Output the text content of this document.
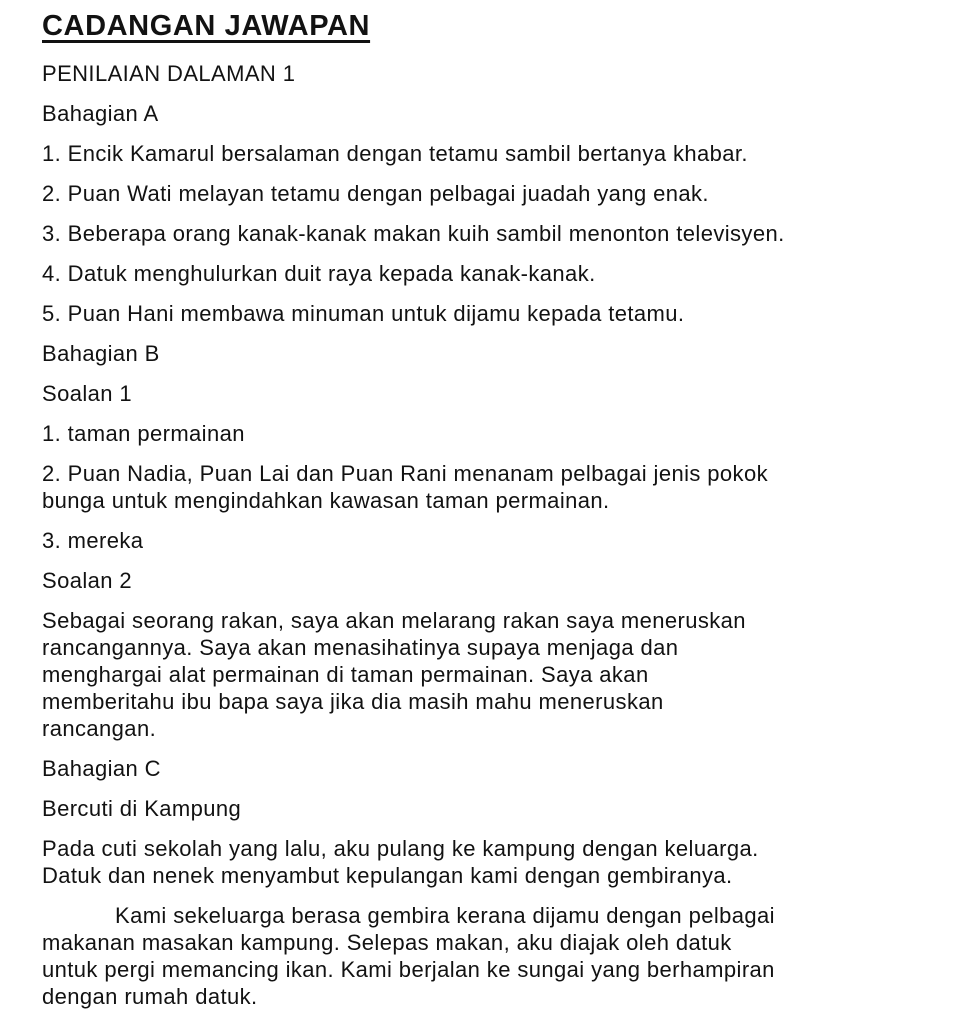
CADANGAN JAWAPAN

PENILAIAN DALAMAN 1

Bahagian A

1. Encik Kamarul bersalaman dengan tetamu sambil bertanya khabar.

2. Puan Wati melayan tetamu dengan pelbagai juadah yang enak.

3. Beberapa orang kanak-kanak makan kuih sambil menonton televisyen.

4. Datuk menghulurkan duit raya kepada kanak-kanak.

5. Puan Hani membawa minuman untuk dijamu kepada tetamu.

Bahagian B

Soalan 1

1. taman permainan

2. Puan Nadia, Puan Lai dan Puan Rani menanam pelbagai jenis pokok
bunga untuk mengindahkan kawasan taman permainan.

3. mereka

Soalan 2

Sebagai seorang rakan, saya akan melarang rakan saya meneruskan
rancangannya. Saya akan menasihatinya supaya menjaga dan
menghargai alat permainan di taman permainan. Saya akan
memberitahu ibu bapa saya jika dia masih mahu meneruskan
rancangan.

Bahagian C

Bercuti di Kampung

Pada cuti sekolah yang lalu, aku pulang ke kampung dengan keluarga.
Datuk dan nenek menyambut kepulangan kami dengan gembiranya.
Kami sekeluarga berasa gembira kerana dijamu dengan pelbagai
makanan masakan kampung. Selepas makan, aku diajak oleh datuk
untuk pergi memancing ikan. Kami berjalan ke sungai yang berhampiran
dengan rumah datuk.
